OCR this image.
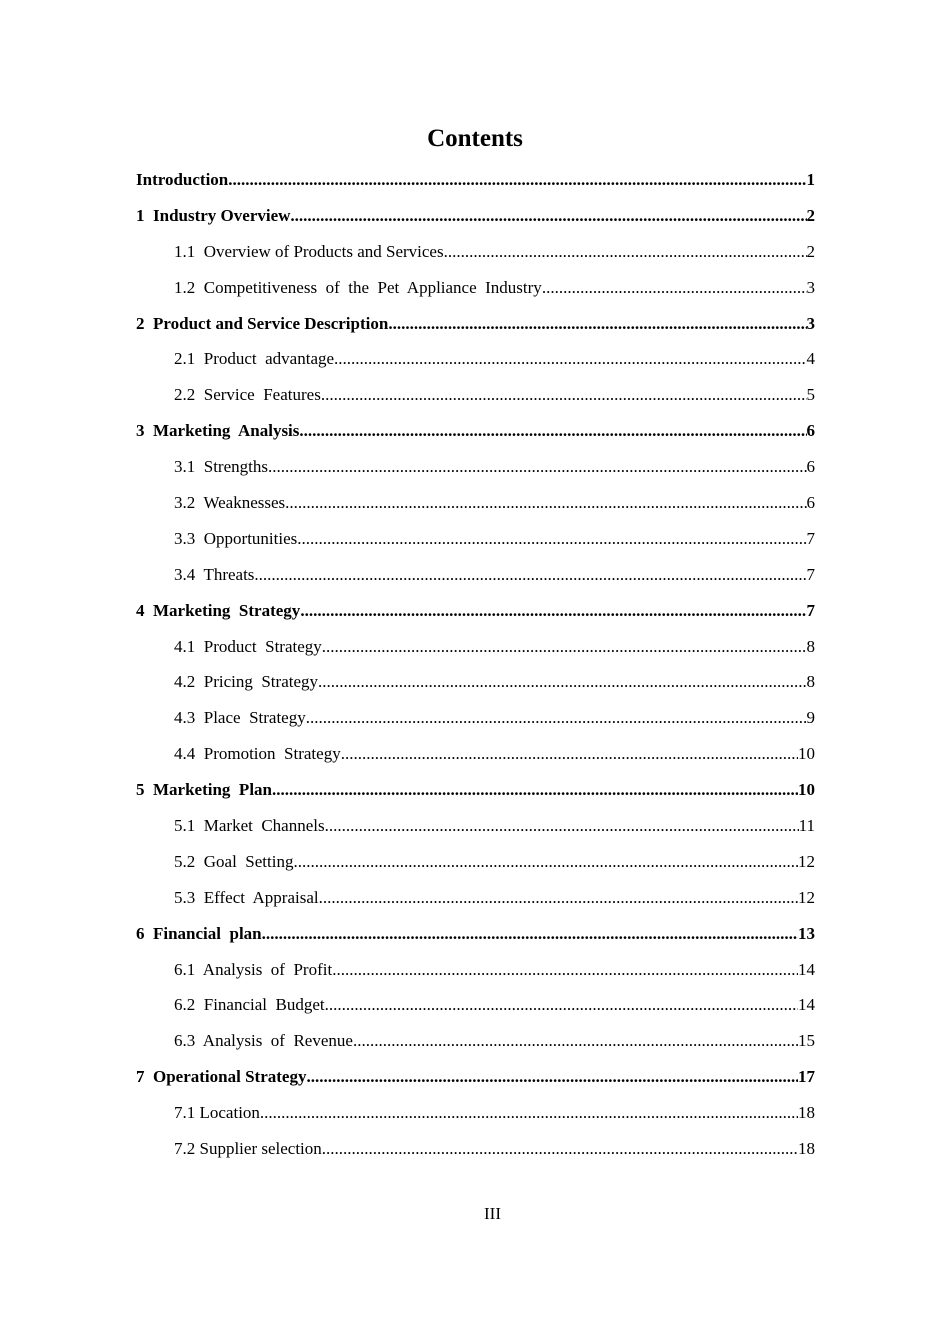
Contents
Introduction .....	1
1  Industry Overview .....	2
1.1  Overview of Products and Services .....	2
1.2  Competitiveness  of  the  Pet  Appliance  Industry .....	3
2  Product and Service Description .....	3
2.1  Product  advantage .....	4
2.2  Service  Features .....	5
3  Marketing  Analysis .....	6
3.1  Strengths .....	6
3.2  Weaknesses .....	6
3.3  Opportunities .....	7
3.4  Threats .....	7
4  Marketing  Strategy .....	7
4.1  Product  Strategy .....	8
4.2  Pricing  Strategy .....	8
4.3  Place  Strategy .....	9
4.4  Promotion  Strategy .....	10
5  Marketing  Plan .....	10
5.1  Market  Channels .....	11
5.2  Goal  Setting .....	12
5.3  Effect  Appraisal .....	12
6  Financial  plan .....	13
6.1  Analysis  of  Profit .....	14
6.2  Financial  Budget .....	14
6.3  Analysis  of  Revenue .....	15
7  Operational Strategy .....	17
7.1 Location .....	18
7.2 Supplier selection .....	18
III
